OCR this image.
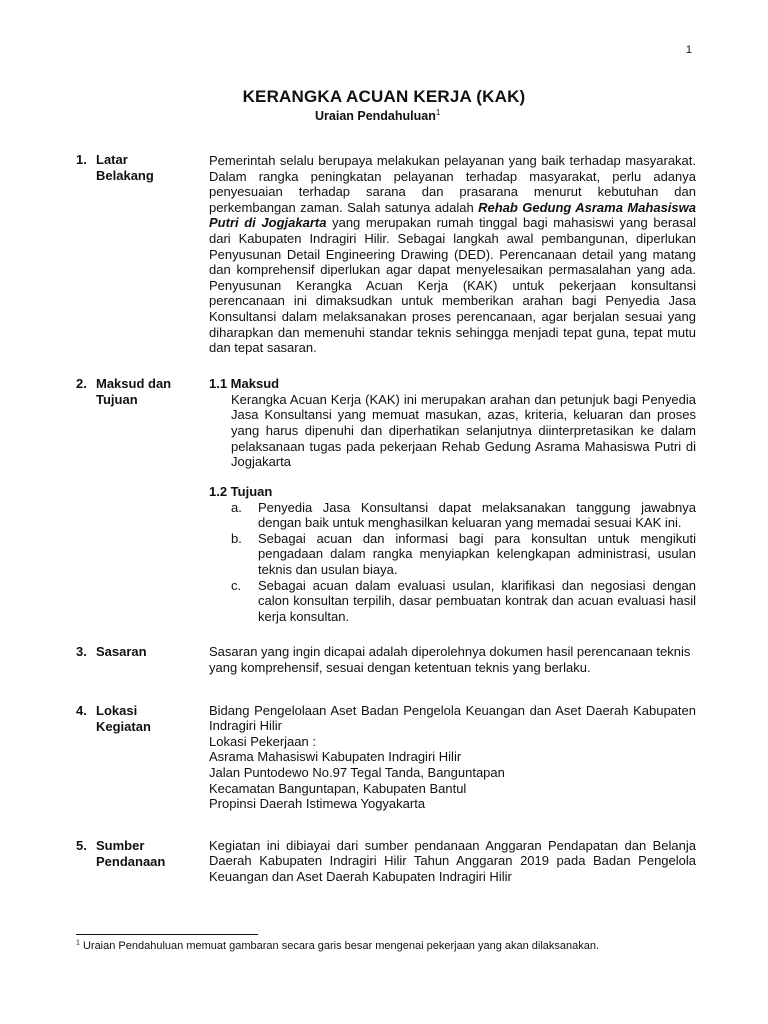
1
KERANGKA ACUAN KERJA (KAK)
Uraian Pendahuluan$^1$
1. Latar
Belakang
Pemerintah selalu berupaya melakukan pelayanan yang baik terhadap masyarakat. Dalam rangka peningkatan pelayanan terhadap masyarakat, perlu adanya penyesuaian terhadap sarana dan prasarana menurut kebutuhan dan perkembangan zaman. Salah satunya adalah Rehab Gedung Asrama Mahasiswa Putri di Jogjakarta yang merupakan rumah tinggal bagi mahasiswi yang berasal dari Kabupaten Indragiri Hilir. Sebagai langkah awal pembangunan, diperlukan Penyusunan Detail Engineering Drawing (DED). Perencanaan detail yang matang dan komprehensif diperlukan agar dapat menyelesaikan permasalahan yang ada. Penyusunan Kerangka Acuan Kerja (KAK) untuk pekerjaan konsultansi perencanaan ini dimaksudkan untuk memberikan arahan bagi Penyedia Jasa Konsultansi dalam melaksanakan proses perencanaan, agar berjalan sesuai yang diharapkan dan memenuhi standar teknis sehingga menjadi tepat guna, tepat mutu dan tepat sasaran.
2. Maksud dan
Tujuan
1.1 Maksud
Kerangka Acuan Kerja (KAK) ini merupakan arahan dan petunjuk bagi Penyedia Jasa Konsultansi yang memuat masukan, azas, kriteria, keluaran dan proses yang harus dipenuhi dan diperhatikan selanjutnya diinterpretasikan ke dalam pelaksanaan tugas pada pekerjaan Rehab Gedung Asrama Mahasiswa Putri di Jogjakarta
1.2 Tujuan
a.	Penyedia Jasa Konsultansi dapat melaksanakan tanggung jawabnya dengan baik untuk menghasilkan keluaran yang memadai sesuai KAK ini.
b.	Sebagai acuan dan informasi bagi para konsultan untuk mengikuti pengadaan dalam rangka menyiapkan kelengkapan administrasi, usulan teknis dan usulan biaya.
c.	Sebagai acuan dalam evaluasi usulan, klarifikasi dan negosiasi dengan calon konsultan terpilih, dasar pembuatan kontrak dan acuan evaluasi hasil kerja konsultan.
3. Sasaran	Sasaran yang ingin dicapai adalah diperolehnya dokumen hasil perencanaan teknis yang komprehensif, sesuai dengan ketentuan teknis yang berlaku.
4. Lokasi
Kegiatan
Bidang Pengelolaan Aset Badan Pengelola Keuangan dan Aset Daerah Kabupaten Indragiri Hilir
Lokasi Pekerjaan :
Asrama Mahasiswi Kabupaten Indragiri Hilir
Jalan Puntodewo No.97 Tegal Tanda, Banguntapan
Kecamatan Banguntapan, Kabupaten Bantul
Propinsi Daerah Istimewa Yogyakarta
5. Sumber
Pendanaan
Kegiatan ini dibiayai dari sumber pendanaan Anggaran Pendapatan dan Belanja Daerah Kabupaten Indragiri Hilir Tahun Anggaran 2019 pada Badan Pengelola Keuangan dan Aset Daerah Kabupaten Indragiri Hilir
$^1$ Uraian Pendahuluan memuat gambaran secara garis besar mengenai pekerjaan yang akan dilaksanakan.
